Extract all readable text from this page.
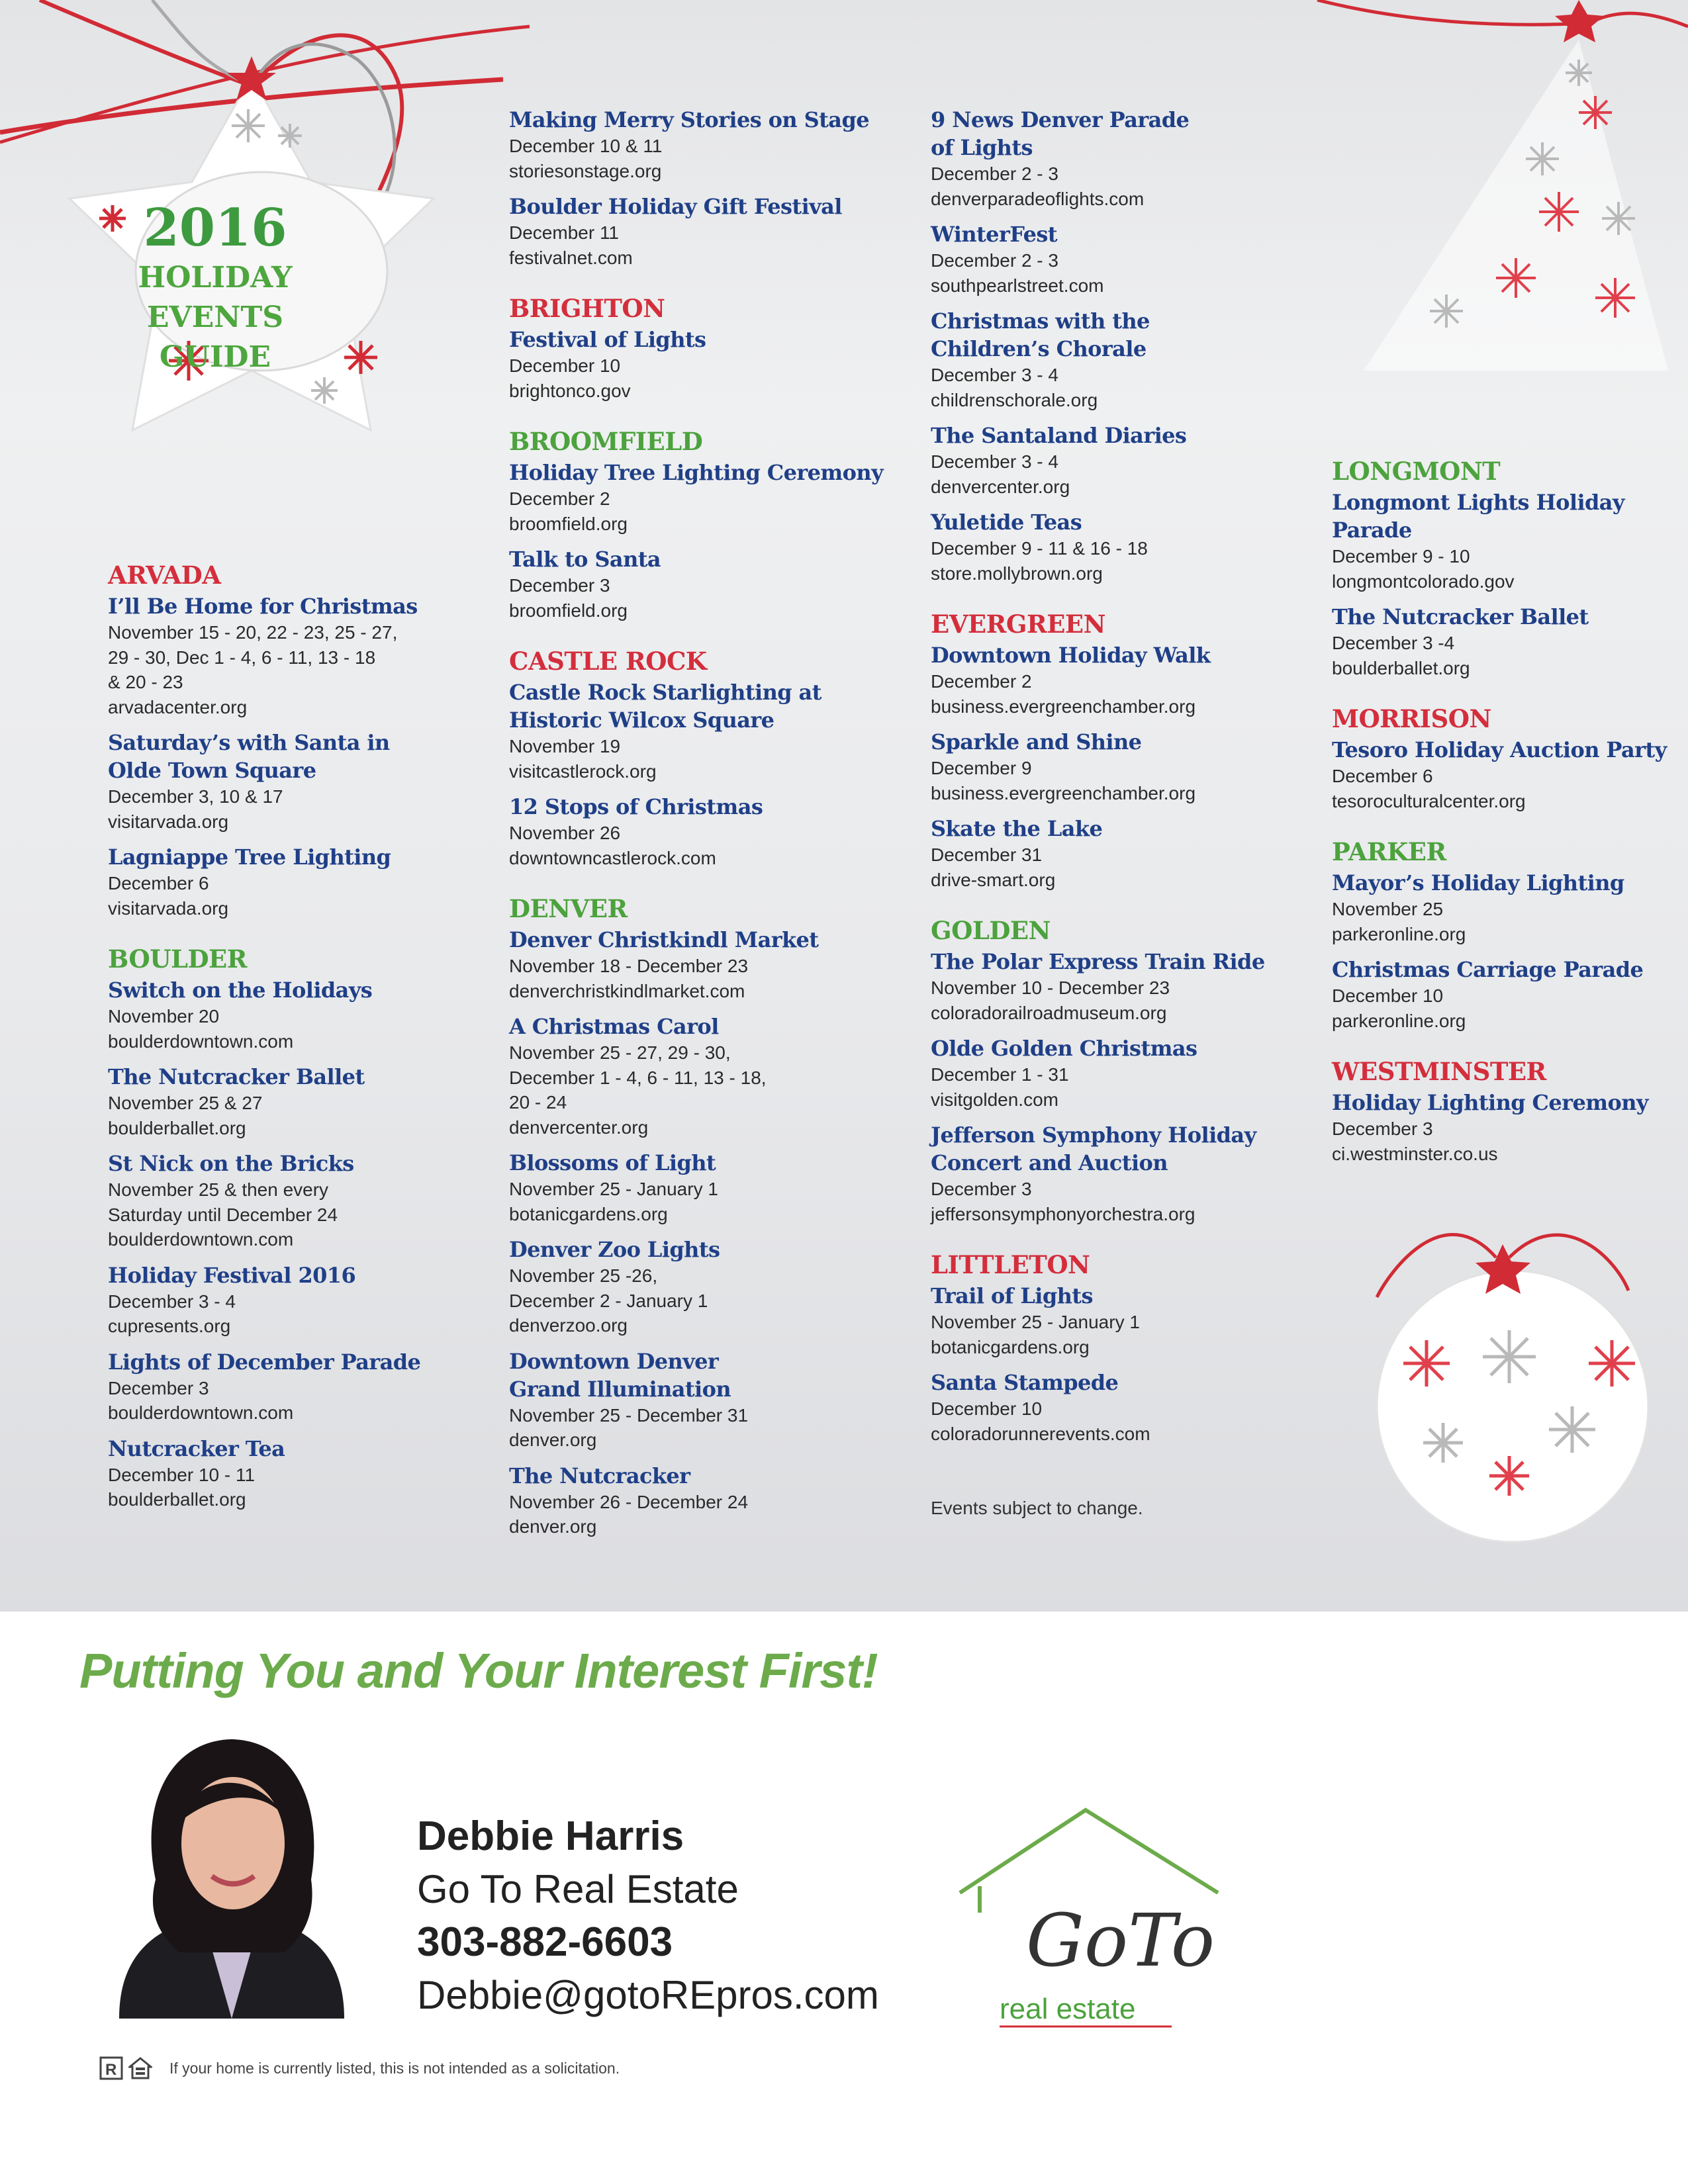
2016

HOLIDAY EVENTS

GUIDE

ARVADA

I’ll Be Home for Christmas

November 15 - 20, 22 - 23, 25 - 27,

29 - 30, Dec 1 - 4, 6 - 11, 13 - 18

& 20 - 23

arvadacenter.org

Saturday’s with Santa in

Olde Town Square

December 3, 10 & 17

visitarvada.org

Lagniappe Tree Lighting

December 6

visitarvada.org

BOULDER

Switch on the Holidays

November 20

boulderdowntown.com

The Nutcracker Ballet

November 25 & 27

boulderballet.org

St Nick on the Bricks

November 25 & then every

Saturday until December 24

boulderdowntown.com

Holiday Festival 2016

December 3 - 4

cupresents.org

Lights of December Parade

December 3

boulderdowntown.com

Nutcracker Tea

December 10 - 11

boulderballet.org

Making Merry Stories on Stage

December 10 & 11

storiesonstage.org

Boulder Holiday Gift Festival

December 11

festivalnet.com

BRIGHTON

Festival of Lights

December 10

brightonco.gov

BROOMFIELD

Holiday Tree Lighting Ceremony

December 2

broomfield.org

Talk to Santa

December 3

broomfield.org

CASTLE ROCK

Castle Rock Starlighting at

Historic Wilcox Square

November 19

visitcastlerock.org

12 Stops of Christmas

November 26

downtowncastlerock.com

DENVER

Denver Christkindl Market

November 18 - December 23

denverchristkindlmarket.com

A Christmas Carol

November 25 - 27, 29 - 30,

December 1 - 4, 6 - 11, 13 - 18,

20 - 24

denvercenter.org

Blossoms of Light

November 25 - January 1

botanicgardens.org

Denver Zoo Lights

November 25 -26,

December 2 - January 1

denverzoo.org

Downtown Denver

Grand Illumination

November 25 - December 31

denver.org

The Nutcracker

November 26 - December 24

denver.org

9 News Denver Parade

of Lights

December 2 - 3

denverparadeoflights.com

WinterFest

December 2 - 3

southpearlstreet.com

Christmas with the

Children’s Chorale

December 3 - 4

childrenschorale.org

The Santaland Diaries

December 3 - 4

denvercenter.org

Yuletide Teas

December 9 - 11 & 16 - 18

store.mollybrown.org

EVERGREEN

Downtown Holiday Walk

December 2

business.evergreenchamber.org

Sparkle and Shine

December 9

business.evergreenchamber.org

Skate the Lake

December 31

drive-smart.org

GOLDEN

The Polar Express Train Ride

November 10 - December 23

coloradorailroadmuseum.org

Olde Golden Christmas

December 1 - 31

visitgolden.com

Jefferson Symphony Holiday

Concert and Auction

December 3

jeffersonsymphonyorchestra.org

LITTLETON

Trail of Lights

November 25 - January 1

botanicgardens.org

Santa Stampede

December 10

coloradorunnerevents.com

LONGMONT

Longmont Lights Holiday

Parade

December 9 - 10

longmontcolorado.gov

The Nutcracker Ballet

December 3 -4

boulderballet.org

MORRISON

Tesoro Holiday Auction Party

December 6

tesoroculturalcenter.org

PARKER

Mayor’s Holiday Lighting

November 25

parkeronline.org

Christmas Carriage Parade

December 10

parkeronline.org

WESTMINSTER

Holiday Lighting Ceremony

December 3

ci.westminster.co.us

Events subject to change.
Putting You and Your Interest First!

Debbie Harris

Go To Real Estate

303-882-6603

Debbie@gotoREpros.com

GoTo
real estate
R	If your home is currently listed, this is not intended as a solicitation.
